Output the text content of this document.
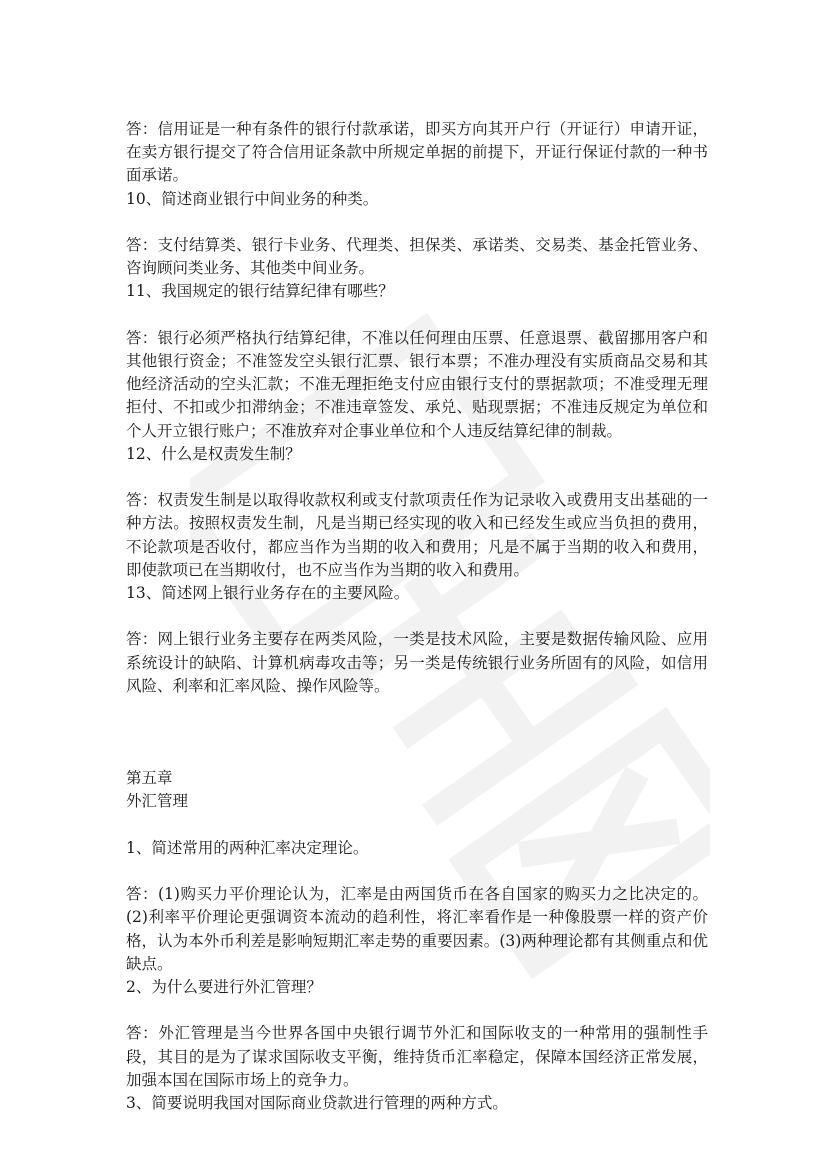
答：信用证是一种有条件的银行付款承诺，即买方向其开户行（开证行）申请开证，在卖方银行提交了符合信用证条款中所规定单据的前提下，开证行保证付款的一种书面承诺。

10、简述商业银行中间业务的种类。

答：支付结算类、银行卡业务、代理类、担保类、承诺类、交易类、基金托管业务、咨询顾问类业务、其他类中间业务。

11、我国规定的银行结算纪律有哪些？

答：银行必须严格执行结算纪律，不准以任何理由压票、任意退票、截留挪用客户和其他银行资金；不准签发空头银行汇票、银行本票；不准办理没有实质商品交易和其他经济活动的空头汇款；不准无理拒绝支付应由银行支付的票据款项；不准受理无理拒付、不扣或少扣滞纳金；不准违章签发、承兑、贴现票据；不准违反规定为单位和个人开立银行账户；不准放弃对企事业单位和个人违反结算纪律的制裁。

12、什么是权责发生制？

答：权责发生制是以取得收款权利或支付款项责任作为记录收入或费用支出基础的一种方法。按照权责发生制，凡是当期已经实现的收入和已经发生或应当负担的费用，不论款项是否收付，都应当作为当期的收入和费用；凡是不属于当期的收入和费用，即使款项已在当期收付，也不应当作为当期的收入和费用。

13、简述网上银行业务存在的主要风险。

答：网上银行业务主要存在两类风险，一类是技术风险，主要是数据传输风险、应用系统设计的缺陷、计算机病毒攻击等；另一类是传统银行业务所固有的风险，如信用风险、利率和汇率风险、操作风险等。

第五章

外汇管理

1、简述常用的两种汇率决定理论。

答：(1)购买力平价理论认为，汇率是由两国货币在各自国家的购买力之比决定的。(2)利率平价理论更强调资本流动的趋利性，将汇率看作是一种像股票一样的资产价格，认为本外币利差是影响短期汇率走势的重要因素。(3)两种理论都有其侧重点和优缺点。

2、为什么要进行外汇管理？

答：外汇管理是当今世界各国中央银行调节外汇和国际收支的一种常用的强制性手段，其目的是为了谋求国际收支平衡，维持货币汇率稳定，保障本国经济正常发展，加强本国在国际市场上的竞争力。

3、简要说明我国对国际商业贷款进行管理的两种方式。
